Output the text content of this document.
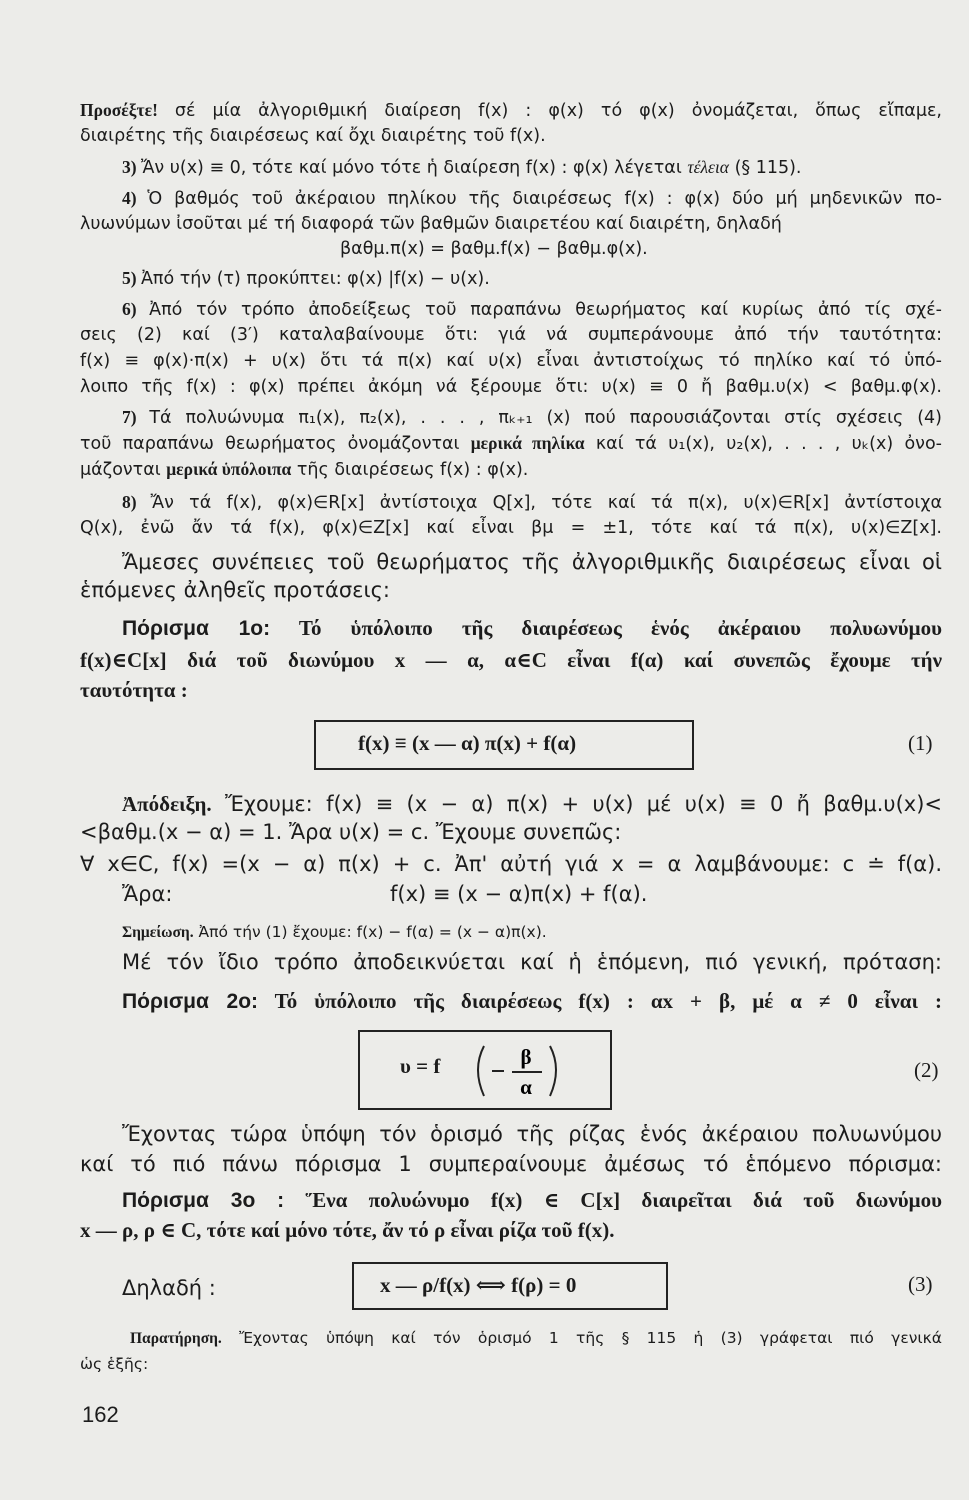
Προσέξτε! σέ μία ἀλγοριθμική διαίρεση f(x) : φ(x) τό φ(x) ὀνομάζεται, ὅπως εἴπαμε,
διαιρέτης τῆς διαιρέσεως καί ὄχι διαιρέτης τοῦ f(x).
3) Ἄν υ(x) ≡ 0, τότε καί μόνο τότε ἡ διαίρεση f(x) : φ(x) λέγεται τέλεια (§ 115).
4) Ὁ βαθμός τοῦ ἀκέραιου πηλίκου τῆς διαιρέσεως f(x) : φ(x) δύο μή μηδενικῶν πο-
λυωνύμων ἰσοῦται μέ τή διαφορά τῶν βαθμῶν διαιρετέου καί διαιρέτη, δηλαδή
βαθμ.π(x) = βαθμ.f(x) − βαθμ.φ(x).
5) Ἀπό τήν (τ) προκύπτει: φ(x) |f(x) − υ(x).
6) Ἀπό τόν τρόπο ἀποδείξεως τοῦ παραπάνω θεωρήματος καί κυρίως ἀπό τίς σχέ-
σεις (2) καί (3′) καταλαβαίνουμε ὅτι: γιά νά συμπεράνουμε ἀπό τήν ταυτότητα:
f(x) ≡ φ(x)·π(x) + υ(x) ὅτι τά π(x) καί υ(x) εἶναι ἀντιστοίχως τό πηλίκο καί τό ὑπό-
λοιπο τῆς f(x) : φ(x) πρέπει ἀκόμη νά ξέρουμε ὅτι: υ(x) ≡ 0 ἤ βαθμ.υ(x) < βαθμ.φ(x).
7) Τά πολυώνυμα π₁(x), π₂(x), . . . , πₖ₊₁ (x) πού παρουσιάζονται στίς σχέσεις (4)
τοῦ παραπάνω θεωρήματος ὀνομάζονται μερικά πηλίκα καί τά υ₁(x), υ₂(x), . . . , υₖ(x) ὀνο-
μάζονται μερικά ὑπόλοιπα τῆς διαιρέσεως f(x) : φ(x).
8) Ἄν τά f(x), φ(x)∈R[x] ἀντίστοιχα Q[x], τότε καί τά π(x), υ(x)∈R[x] ἀντίστοιχα
Q(x), ἐνῶ ἄν τά f(x), φ(x)∈Z[x] καί εἶναι βμ = ±1, τότε καί τά π(x), υ(x)∈Z[x].
Ἄμεσες συνέπειες τοῦ θεωρήματος τῆς ἀλγοριθμικῆς διαιρέσεως εἶναι οἱ
ἑπόμενες ἀληθεῖς προτάσεις:
Πόρισμα 1ο: Τό ὑπόλοιπο τῆς διαιρέσεως ἑνός ἀκέραιου πολυωνύμου
f(x)∈C[x] διά τοῦ διωνύμου x — α, α∈C εἶναι f(α) καί συνεπῶς ἔχουμε τήν
ταυτότητα :
f(x) ≡ (x — α) π(x) + f(α)	(1)
Ἀπόδειξη. Ἔχουμε: f(x) ≡ (x − α) π(x) + υ(x) μέ υ(x) ≡ 0 ἤ βαθμ.υ(x)<
<βαθμ.(x − α) = 1. Ἄρα υ(x) = c. Ἔχουμε συνεπῶς:
∀ x∈C, f(x) =(x − α) π(x) + c. Ἀπ' αὐτή γιά x = α λαμβάνουμε: c ≐ f(α).
Ἄρα:	f(x) ≡ (x − α)π(x) + f(α).
Σημείωση. Ἀπό τήν (1) ἔχουμε: f(x) − f(α) = (x − α)π(x).
Μέ τόν ἴδιο τρόπο ἀποδεικνύεται καί ἡ ἑπόμενη, πιό γενική, πρόταση:
Πόρισμα 2ο: Τό ὑπόλοιπο τῆς διαιρέσεως f(x) : αx + β, μέ α ≠ 0 εἶναι :
υ = f	β
α
(2)
Ἔχοντας τώρα ὑπόψη τόν ὁρισμό τῆς ρίζας ἑνός ἀκέραιου πολυωνύμου
καί τό πιό πάνω πόρισμα 1 συμπεραίνουμε ἀμέσως τό ἑπόμενο πόρισμα:
Πόρισμα 3ο : Ἕνα πολυώνυμο f(x) ∈ C[x] διαιρεῖται διά τοῦ διωνύμου
x — ρ, ρ ∈ C, τότε καί μόνο τότε, ἄν τό ρ εἶναι ρίζα τοῦ f(x).
Δηλαδή :	x — ρ/f(x) ⟺ f(ρ) = 0	(3)
Παρατήρηση. Ἔχοντας ὑπόψη καί τόν ὁρισμό 1 τῆς § 115 ἡ (3) γράφεται πιό γενικά
ὡς ἑξῆς:
162
